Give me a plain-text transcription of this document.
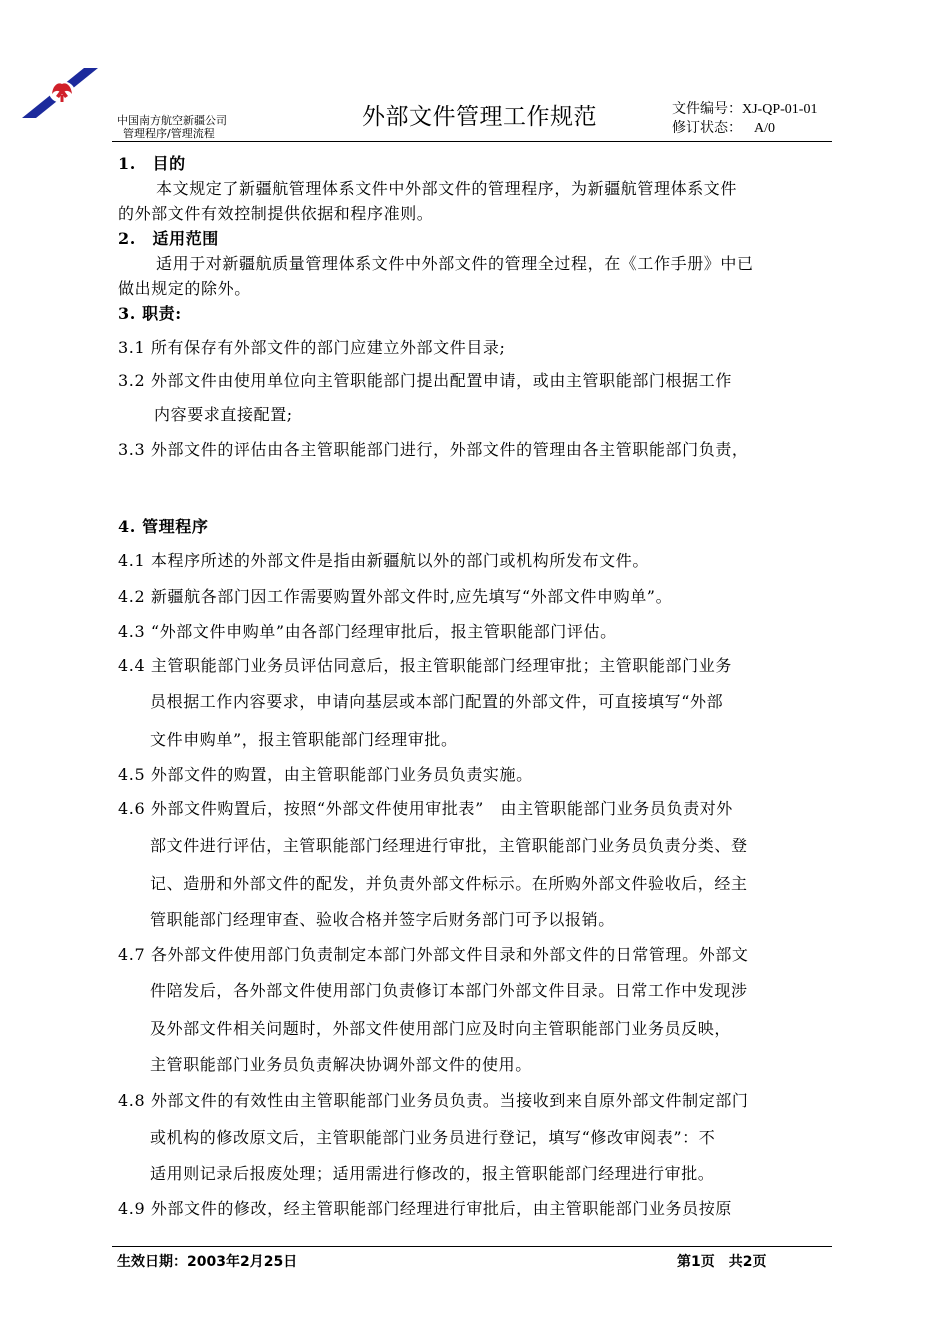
中国南方航空新疆公司
管理程序/管理流程
外部文件管理工作规范	文件编号：XJ-QP-01-01
修订状态： A/0
1.　目的
本文规定了新疆航管理体系文件中外部文件的管理程序，为新疆航管理体系文件
的外部文件有效控制提供依据和程序准则。
2.　适用范围
适用于对新疆航质量管理体系文件中外部文件的管理全过程，在《工作手册》中已
做出规定的除外。
3. 职责:
3.1 所有保存有外部文件的部门应建立外部文件目录;
3.2 外部文件由使用单位向主管职能部门提出配置申请，或由主管职能部门根据工作
内容要求直接配置;
3.3 外部文件的评估由各主管职能部门进行，外部文件的管理由各主管职能部门负责，
4. 管理程序
4.1 本程序所述的外部文件是指由新疆航以外的部门或机构所发布文件。
4.2 新疆航各部门因工作需要购置外部文件时,应先填写“外部文件申购单”。
4.3 “外部文件申购单”由各部门经理审批后，报主管职能部门评估。
4.4 主管职能部门业务员评估同意后，报主管职能部门经理审批；主管职能部门业务
员根据工作内容要求，申请向基层或本部门配置的外部文件，可直接填写“外部
文件申购单”，报主管职能部门经理审批。
4.5 外部文件的购置，由主管职能部门业务员负责实施。
4.6 外部文件购置后，按照“外部文件使用审批表”　由主管职能部门业务员负责对外
部文件进行评估，主管职能部门经理进行审批，主管职能部门业务员负责分类、登
记、造册和外部文件的配发，并负责外部文件标示。在所购外部文件验收后，经主
管职能部门经理审查、验收合格并签字后财务部门可予以报销。
4.7 各外部文件使用部门负责制定本部门外部文件目录和外部文件的日常管理。外部文
件陪发后，各外部文件使用部门负责修订本部门外部文件目录。日常工作中发现涉
及外部文件相关问题时，外部文件使用部门应及时向主管职能部门业务员反映，
主管职能部门业务员负责解决协调外部文件的使用。
4.8 外部文件的有效性由主管职能部门业务员负责。当接收到来自原外部文件制定部门
或机构的修改原文后，主管职能部门业务员进行登记，填写“修改审阅表”：不
适用则记录后报废处理；适用需进行修改的，报主管职能部门经理进行审批。
4.9 外部文件的修改，经主管职能部门经理进行审批后，由主管职能部门业务员按原
生效日期：2003年2月25日	第1页　共2页
